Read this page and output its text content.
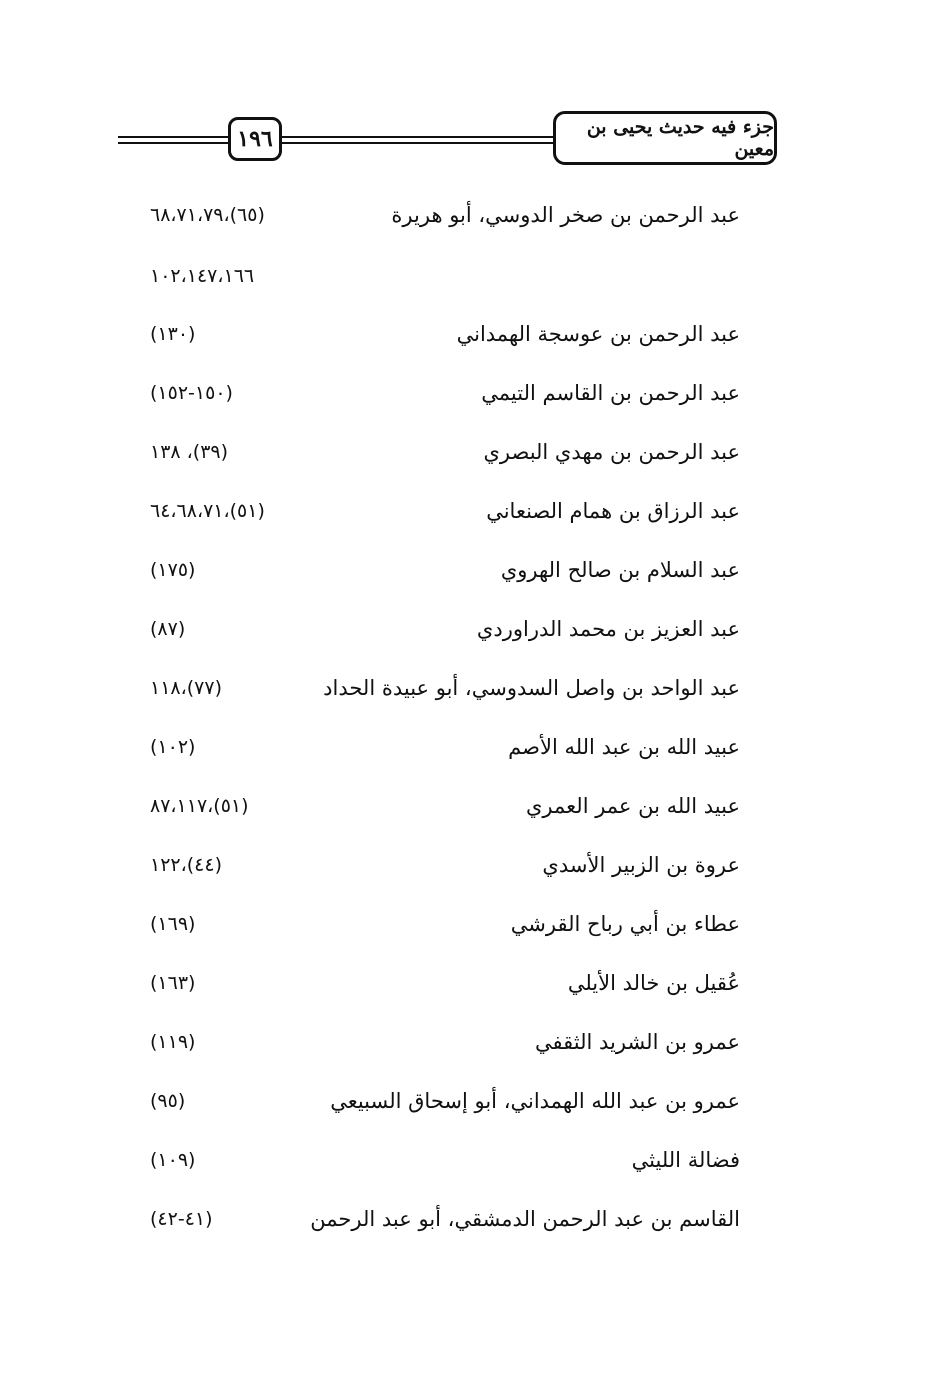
١٩٦	جزء فيه حديث يحيى بن معين
عبد الرحمن بن صخر الدوسي، أبو هريرة
(٦٥)،٦٨،٧١،٧٩
١٠٢،١٤٧،١٦٦
عبد الرحمن بن عوسجة الهمداني
(١٣٠)
عبد الرحمن بن القاسم التيمي
(١٥٠-١٥٢)
عبد الرحمن بن مهدي البصري
(٣٩)، ١٣٨
عبد الرزاق بن همام الصنعاني
(٥١)،٦٤،٦٨،٧١
عبد السلام بن صالح الهروي
(١٧٥)
عبد العزيز بن محمد الدراوردي
(٨٧)
عبد الواحد بن واصل السدوسي، أبو عبيدة الحداد
(٧٧)،١١٨
عبيد الله بن عبد الله الأصم
(١٠٢)
عبيد الله بن عمر العمري
(٥١)،٨٧،١١٧
عروة بن الزبير الأسدي
(٤٤)،١٢٢
عطاء بن أبي رباح القرشي
(١٦٩)
عُقيل بن خالد الأيلي
(١٦٣)
عمرو بن الشريد الثقفي
(١١٩)
عمرو بن عبد الله الهمداني، أبو إسحاق السبيعي
(٩٥)
فضالة الليثي
(١٠٩)
القاسم بن عبد الرحمن الدمشقي، أبو عبد الرحمن
(٤١-٤٢)
